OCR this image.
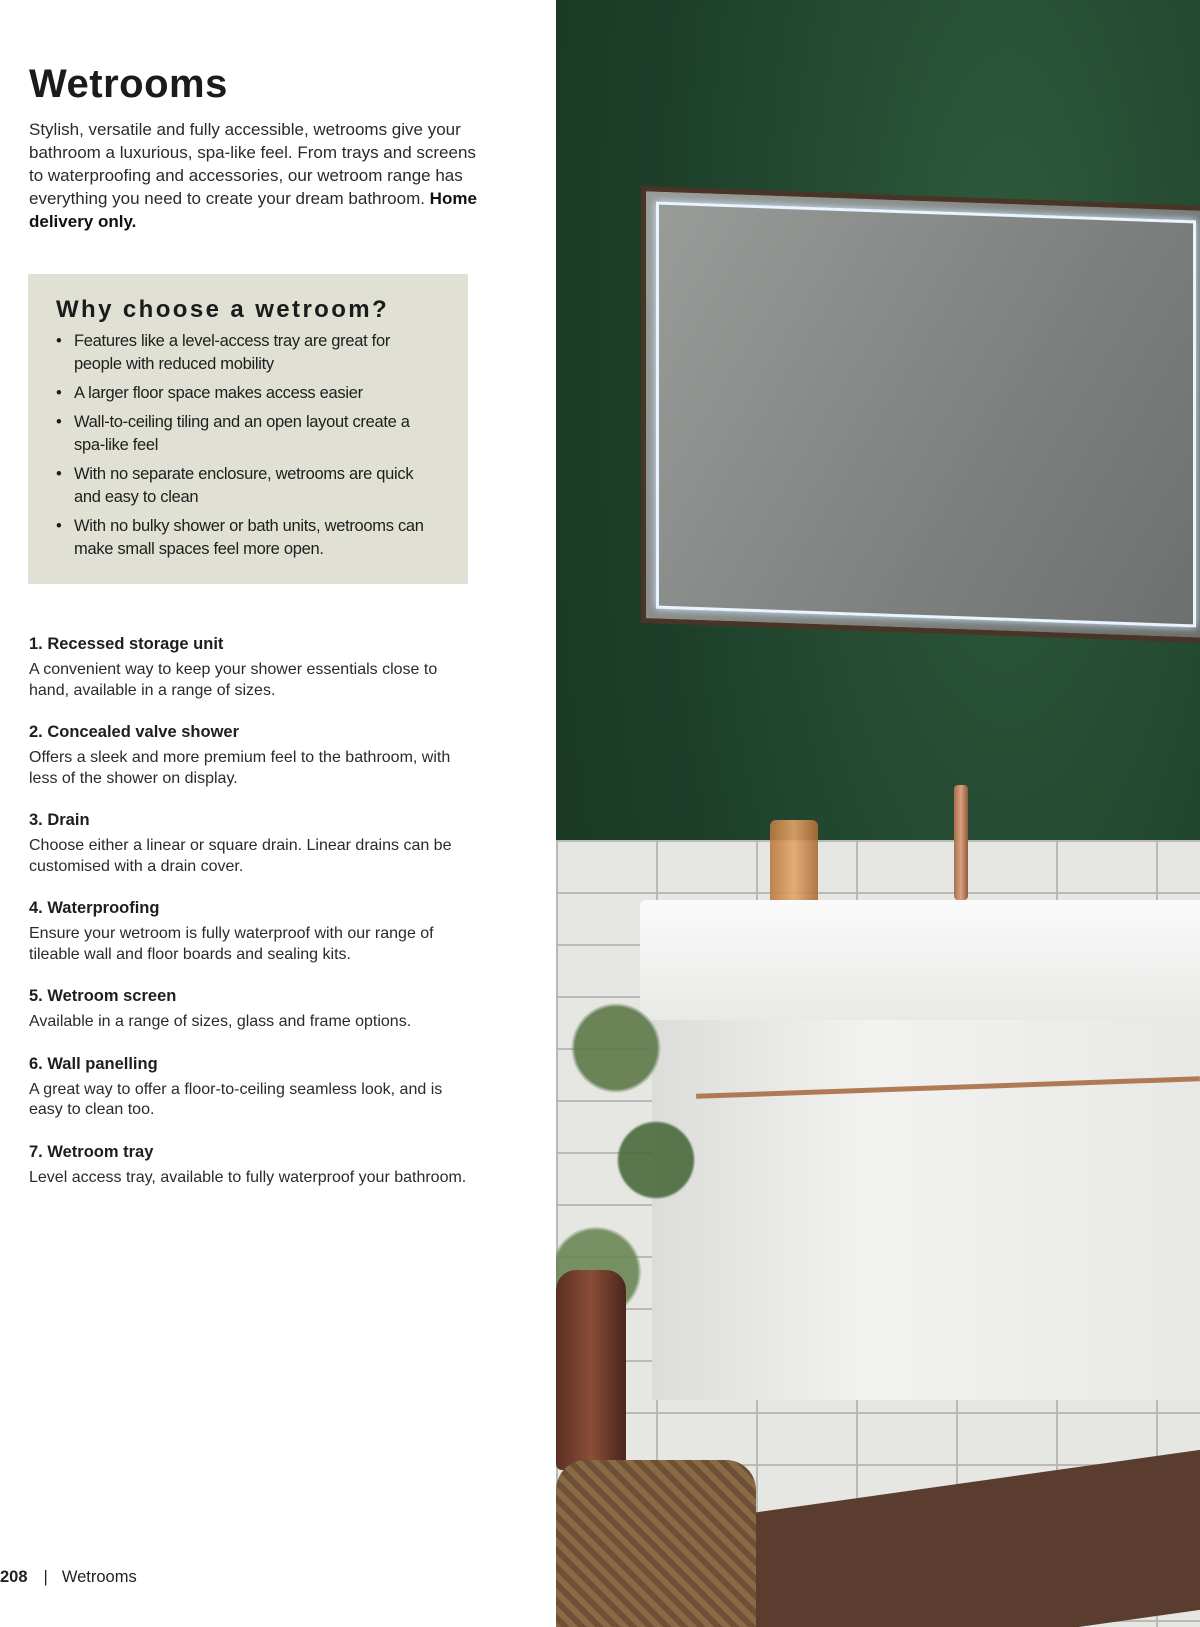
Wetrooms

Stylish, versatile and fully accessible, wetrooms give your bathroom a luxurious, spa-like feel. From trays and screens to waterproofing and accessories, our wetroom range has everything you need to create your dream bathroom. Home delivery only.

Why choose a wetroom?
• Features like a level-access tray are great for people with reduced mobility
• A larger floor space makes access easier
• Wall-to-ceiling tiling and an open layout create a spa-like feel
• With no separate enclosure, wetrooms are quick and easy to clean
• With no bulky shower or bath units, wetrooms can make small spaces feel more open.
1. Recessed storage unit

A convenient way to keep your shower essentials close to hand, available in a range of sizes.

2. Concealed valve shower

Offers a sleek and more premium feel to the bathroom, with less of the shower on display.

3. Drain

Choose either a linear or square drain. Linear drains can be customised with a drain cover.

4. Waterproofing

Ensure your wetroom is fully waterproof with our range of tileable wall and floor boards and sealing kits.

5. Wetroom screen

Available in a range of sizes, glass and frame options.

6. Wall panelling

A great way to offer a floor-to-ceiling seamless look, and is easy to clean too.

7. Wetroom tray

Level access tray, available to fully waterproof your bathroom.

208 | Wetrooms
